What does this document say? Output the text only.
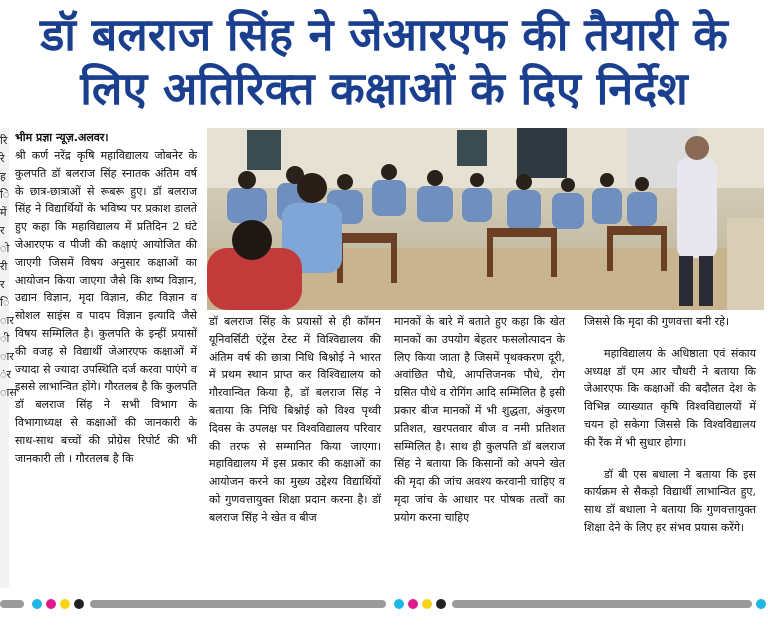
डॉ बलराज सिंह ने जेआरएफ की तैयारी के

लिए अतिरिक्त कक्षाओं के दिए निर्देश

रि
रे
ह
ि
में
र
ो
री
र
ि
ार
ी
ार
ंर
ास

भीम प्रज्ञा न्यूज़.अलवर।

श्री कर्ण नरेंद्र कृषि महाविद्यालय जोबनेर के कुलपति डॉ बलराज सिंह स्नातक अंतिम वर्ष के छात्र-छात्राओं से रूबरू हुए। डॉ बलराज सिंह ने विद्यार्थियों के भविष्य पर प्रकाश डालते हुए कहा कि महाविद्यालय में प्रतिदिन 2 घंटे जेआरएफ व पीजी की कक्षाएं आयोजित की जाएगी जिसमें विषय अनुसार कक्षाओं का आयोजन किया जाएगा जैसे कि शष्य विज्ञान, उद्यान विज्ञान, मृदा विज्ञान, कीट विज्ञान व सोशल साइंस व पादप विज्ञान इत्यादि जैसे विषय सम्मिलित है। कुलपति के इन्हीं प्रयासों की वजह से विद्यार्थी जेआरएफ कक्षाओं में ज्यादा से ज्यादा उपस्थिति दर्ज करवा पाएंगे व इससे लाभान्वित होंगे। गौरतलब है कि कुलपति डॉ बलराज सिंह ने सभी विभाग के विभागाध्यक्ष से कक्षाओं की जानकारी के साथ-साथ बच्चों की प्रोग्रेस रिपोर्ट की भी जानकारी ली । गौरतलब है कि

डॉ बलराज सिंह के प्रयासों से ही कॉमन यूनिवर्सिटी एंट्रेंस टेस्ट में विश्विद्यालय की अंतिम वर्ष की छात्रा निधि बिश्नोई ने भारत में प्रथम स्थान प्राप्त कर विश्विद्यालय को गौरवान्वित किया है, डॉ बलराज सिंह ने बताया कि निधि बिश्नोई को विश्व पृथ्वी दिवस के उपलक्ष पर विश्वविद्यालय परिवार की तरफ से सम्मानित किया जाएगा। महाविद्यालय में इस प्रकार की कक्षाओं का आयोजन करने का मुख्य उद्देश्य विद्यार्थियों को गुणवत्तायुक्त शिक्षा प्रदान करना है। डॉ बलराज सिंह ने खेत व बीज

मानकों के बारे में बताते हुए कहा कि खेत मानकों का उपयोग बेहतर फसलोत्पादन के लिए किया जाता है जिसमें पृथक्करण दूरी, अवांछित पौधे, आपत्तिजनक पौधे, रोग ग्रसित पौधे व रोगिंग आदि सम्मिलित है इसी प्रकार बीज मानकों में भी शुद्धता, अंकुरण प्रतिशत, खरपतवार बीज व नमी प्रतिशत सम्मिलित है। साथ ही कुलपति डॉ बलराज सिंह ने बताया कि किसानों को अपने खेत की मृदा की जांच अवश्य करवानी चाहिए व मृदा जांच के आधार पर पोषक तत्वों का प्रयोग करना चाहिए

जिससे कि मृदा की गुणवत्ता बनी रहे।

महाविद्यालय के अधिष्ठाता एवं संकाय अध्यक्ष डॉ एम आर चौधरी ने बताया कि जेआरएफ कि कक्षाओं की बदौलत देश के विभिन्न व्याख्यात कृषि विश्वविद्यालयों में चयन हो सकेगा जिससे कि विश्वविद्यालय की रैंक में भी सुधार होगा।

डॉ बी एस बधाला ने बताया कि इस कार्यक्रम से सैकड़ो विद्यार्थी लाभान्वित हुए, साथ डॉ बधाला ने बताया कि गुणवत्तायुक्त शिक्षा देने के लिए हर संभव प्रयास करेंगे।
